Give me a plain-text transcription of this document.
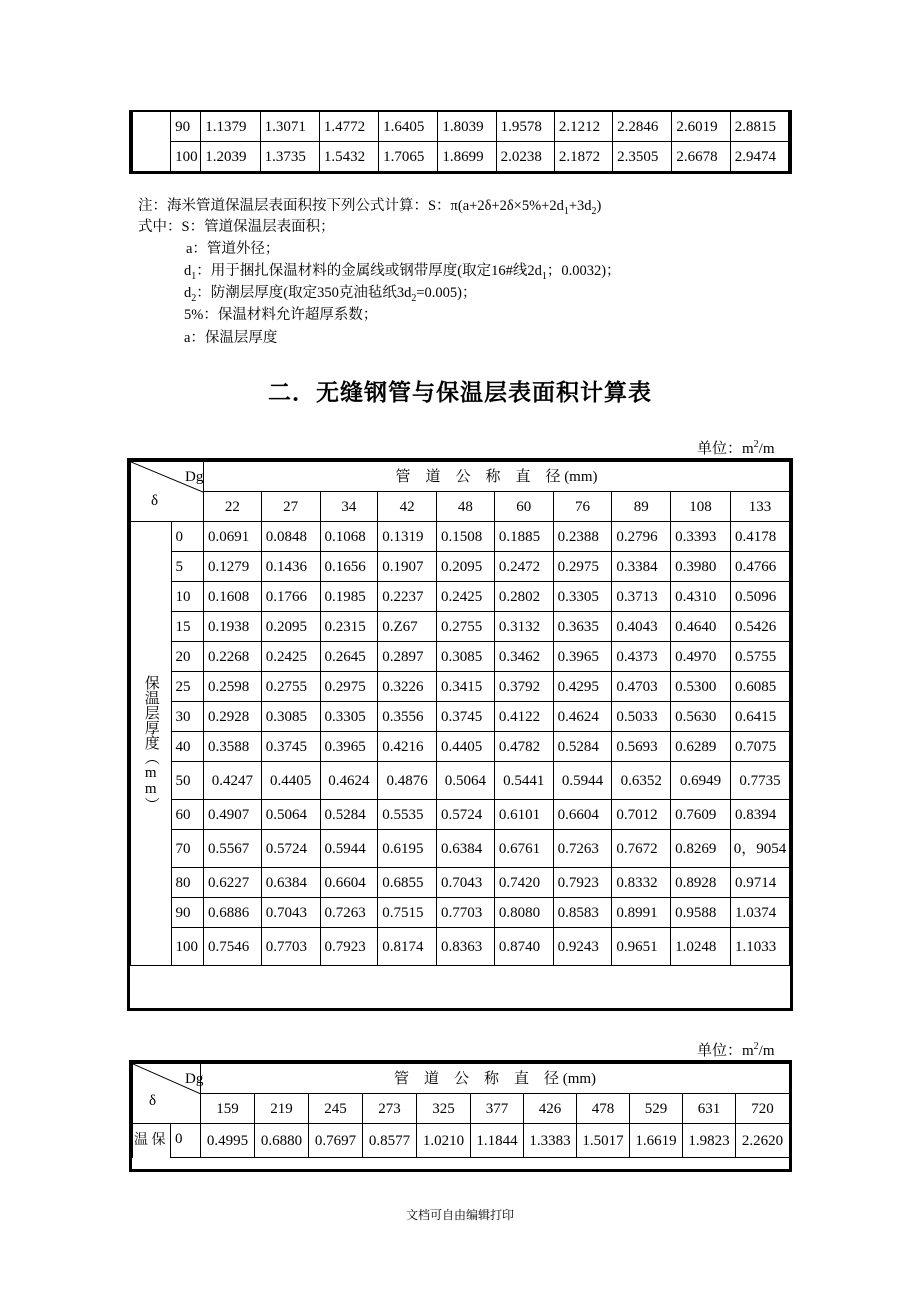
	90	1.1379	1.3071	1.4772	1.6405	1.8039	1.9578	2.1212	2.2846	2.6019	2.8815
	100	1.2039	1.3735	1.5432	1.7065	1.8699	2.0238	2.1872	2.3505	2.6678	2.9474
注：海米管道保温层表面积按下列公式计算：S：$\pi(a+2\delta+2\delta\times 5\%+2d_1+3d_2)$
式中：S：管道保温层表面积；
a：管道外径；
$d_1$：用于捆扎保温材料的金属线或钢带厚度(取定16#线$2d_1$；0.0032)；
$d_2$：防潮层厚度(取定350克油毡纸$3d_2=0.005$)；
5%：保温材料允许超厚系数；
a：保温层厚度
二．无缝钢管与保温层表面积计算表
单位：$m^2/m$
Dg
δ		管　道　公　称　直　径 (mm)									
		22	27	34	42	48	60	76	89	108	133

保温层厚度（mm）	0	0.0691	0.0848	0.1068	0.1319	0.1508	0.1885	0.2388	0.2796	0.3393	0.4178
	5	0.1279	0.1436	0.1656	0.1907	0.2095	0.2472	0.2975	0.3384	0.3980	0.4766
	10	0.1608	0.1766	0.1985	0.2237	0.2425	0.2802	0.3305	0.3713	0.4310	0.5096
	15	0.1938	0.2095	0.2315	0.Z67	0.2755	0.3132	0.3635	0.4043	0.4640	0.5426
	20	0.2268	0.2425	0.2645	0.2897	0.3085	0.3462	0.3965	0.4373	0.4970	0.5755
	25	0.2598	0.2755	0.2975	0.3226	0.3415	0.3792	0.4295	0.4703	0.5300	0.6085
	30	0.2928	0.3085	0.3305	0.3556	0.3745	0.4122	0.4624	0.5033	0.5630	0.6415
	40	0.3588	0.3745	0.3965	0.4216	0.4405	0.4782	0.5284	0.5693	0.6289	0.7075
	50	0.4247	0.4405	0.4624	0.4876	0.5064	0.5441	0.5944	0.6352	0.6949	0.7735
	60	0.4907	0.5064	0.5284	0.5535	0.5724	0.6101	0.6604	0.7012	0.7609	0.8394
	70	0.5567	0.5724	0.5944	0.6195	0.6384	0.6761	0.7263	0.7672	0.8269	0，9054
	80	0.6227	0.6384	0.6604	0.6855	0.7043	0.7420	0.7923	0.8332	0.8928	0.9714
	90	0.6886	0.7043	0.7263	0.7515	0.7703	0.8080	0.8583	0.8991	0.9588	1.0374
	100	0.7546	0.7703	0.7923	0.8174	0.8363	0.8740	0.9243	0.9651	1.0248	1.1033
单位：$m^2/m$
Dg
δ		管　道　公　称　直　径 (mm)										
		159	219	245	273	325	377	426	478	529	631	720
温 保	0	0.4995	0.6880	0.7697	0.8577	1.0210	1.1844	1.3383	1.5017	1.6619	1.9823	2.2620
文档可自由编辑打印
